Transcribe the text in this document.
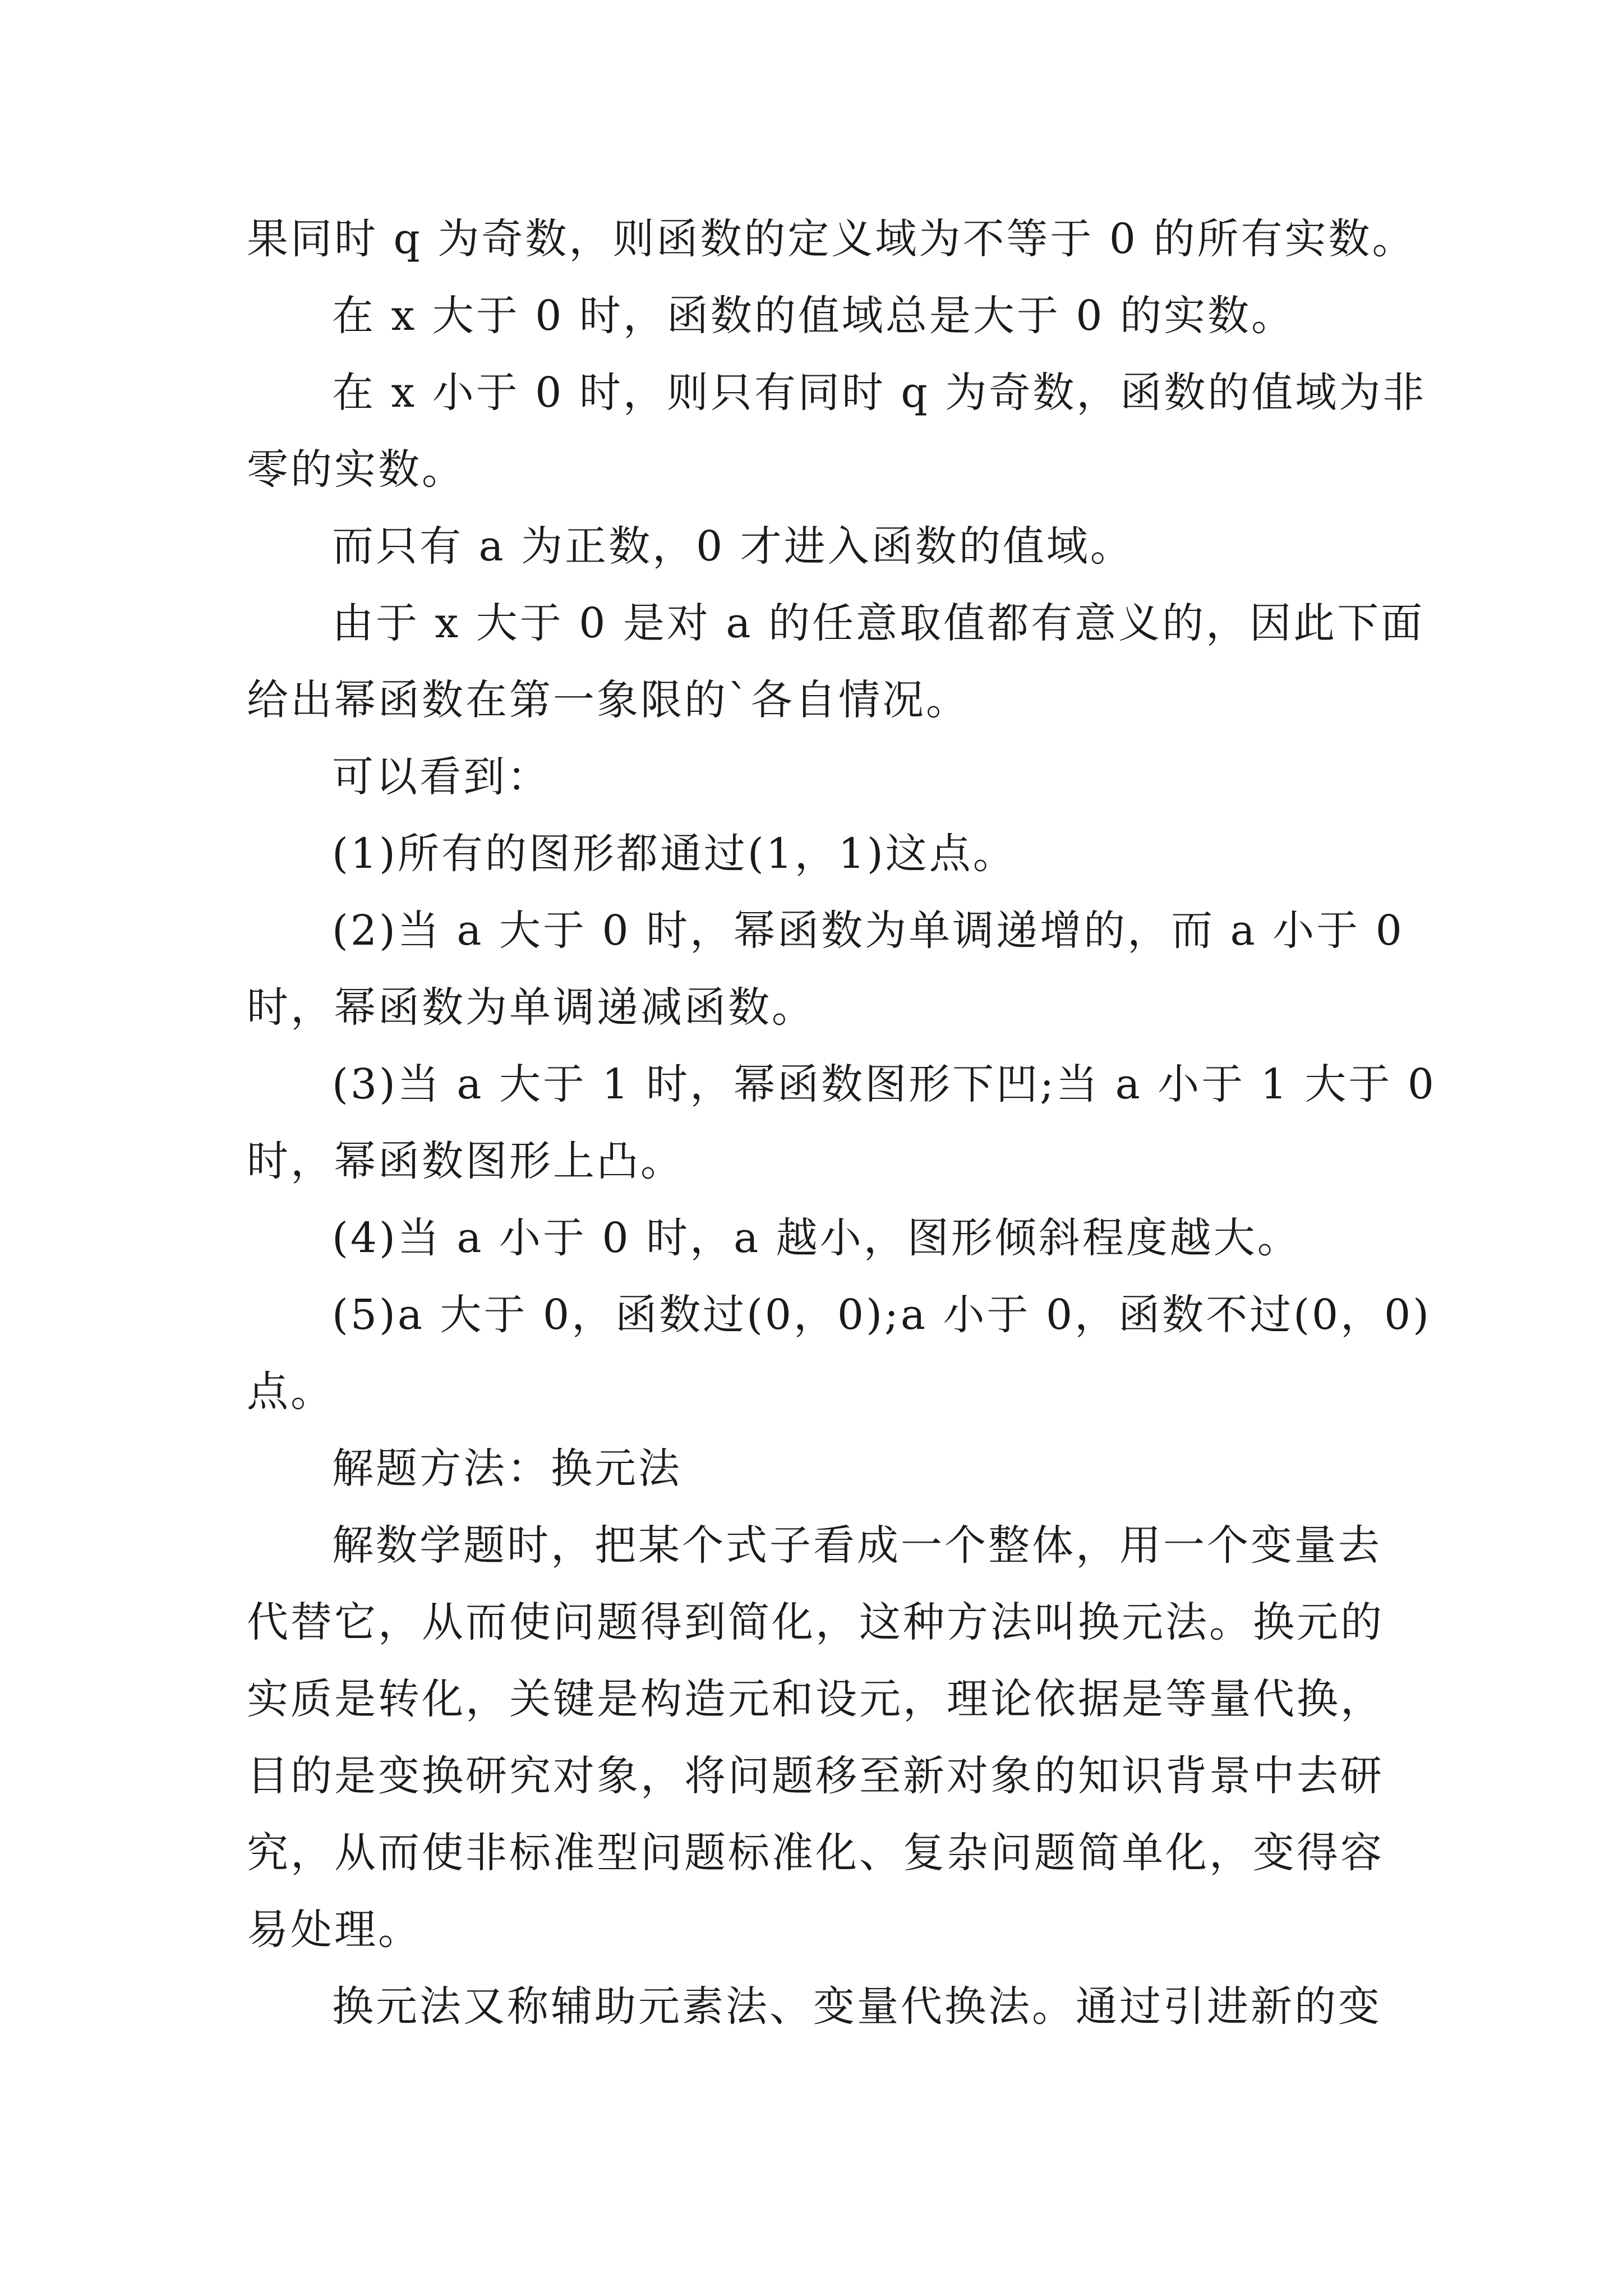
果同时 q 为奇数，则函数的定义域为不等于 0 的所有实数。
在 x 大于 0 时，函数的值域总是大于 0 的实数。
在 x 小于 0 时，则只有同时 q 为奇数，函数的值域为非
零的实数。
而只有 a 为正数，0 才进入函数的值域。
由于 x 大于 0 是对 a 的任意取值都有意义的，因此下面
给出幂函数在第一象限的`各自情况。
可以看到：
(1)所有的图形都通过(1，1)这点。
(2)当 a 大于 0 时，幂函数为单调递增的，而 a 小于 0
时，幂函数为单调递减函数。
(3)当 a 大于 1 时，幂函数图形下凹;当 a 小于 1 大于 0
时，幂函数图形上凸。
(4)当 a 小于 0 时，a 越小，图形倾斜程度越大。
(5)a 大于 0，函数过(0，0);a 小于 0，函数不过(0，0)
点。
解题方法：换元法
解数学题时，把某个式子看成一个整体，用一个变量去
代替它，从而使问题得到简化，这种方法叫换元法。换元的
实质是转化，关键是构造元和设元，理论依据是等量代换，
目的是变换研究对象，将问题移至新对象的知识背景中去研
究，从而使非标准型问题标准化、复杂问题简单化，变得容
易处理。
换元法又称辅助元素法、变量代换法。通过引进新的变
